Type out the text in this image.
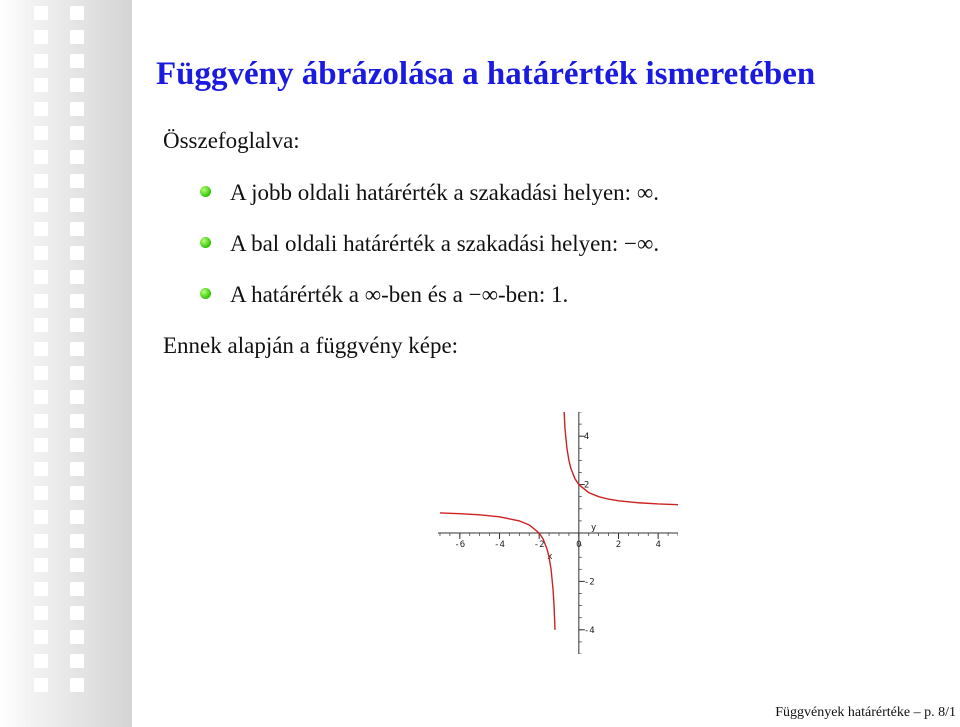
Függvény ábrázolása a határérték ismeretében
Összefoglalva:
A jobb oldali határérték a szakadási helyen: ∞.
A bal oldali határérték a szakadási helyen: −∞.
A határérték a ∞-ben és a −∞-ben: 1.
Ennek alapján a függvény képe:
-6	-4	-2	0	2	4
4
2
-2
-4
x
y
Függvények határértéke – p. 8/1
